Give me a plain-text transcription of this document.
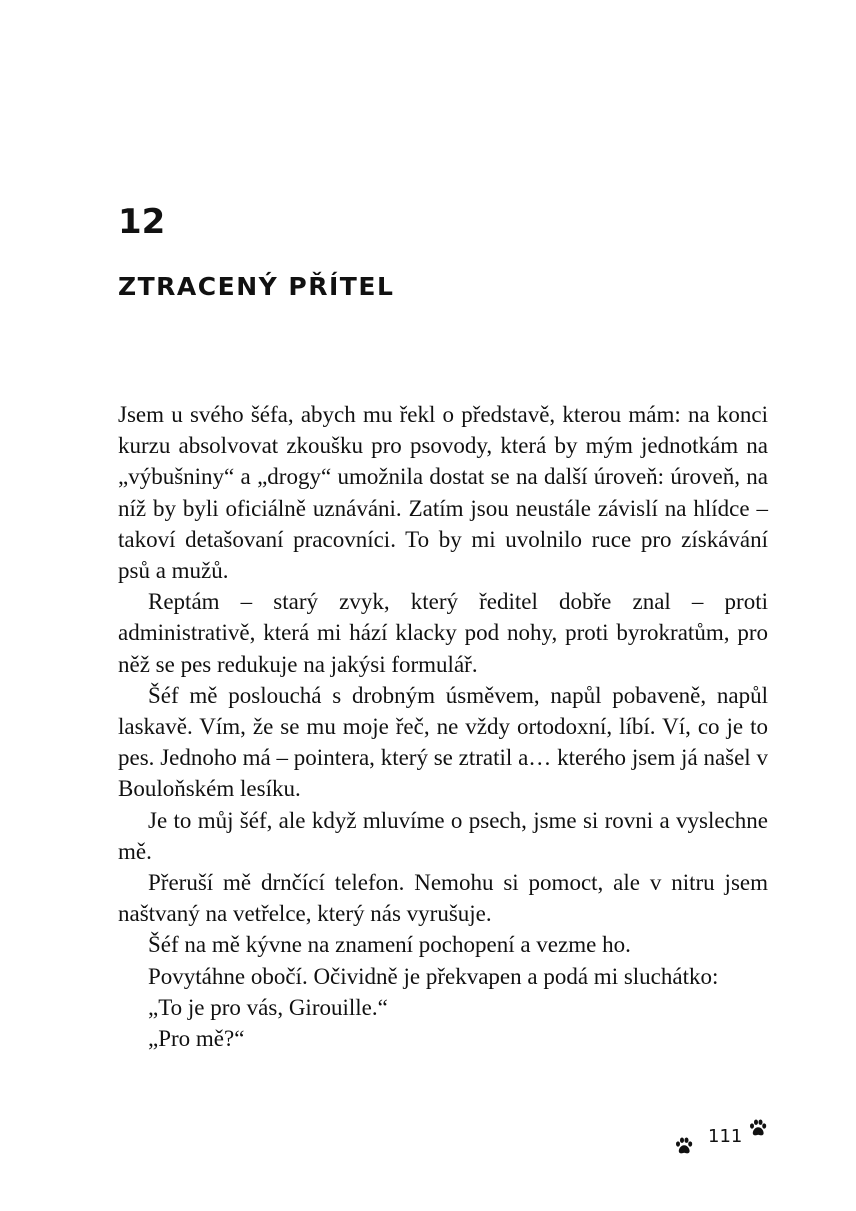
12
ZTRACENÝ PŘÍTEL

Jsem u svého šéfa, abych mu řekl o představě, kterou mám: na konci kurzu absolvovat zkoušku pro psovody, která by mým jednotkám na „výbušniny“ a „drogy“ umožnila dostat se na další úroveň: úroveň, na níž by byli oficiálně uznáváni. Zatím jsou neustále závislí na hlídce – takoví detašovaní pracovníci. To by mi uvolnilo ruce pro získávání psů a mužů.

Reptám – starý zvyk, který ředitel dobře znal – proti administrativě, která mi hází klacky pod nohy, proti byrokratům, pro něž se pes redukuje na jakýsi formulář.

Šéf mě poslouchá s drobným úsměvem, napůl pobaveně, napůl laskavě. Vím, že se mu moje řeč, ne vždy ortodoxní, líbí. Ví, co je to pes. Jednoho má – pointera, který se ztratil a… kterého jsem já našel v Bouloňském lesíku.

Je to můj šéf, ale když mluvíme o psech, jsme si rovni a vyslechne mě.

Přeruší mě drnčící telefon. Nemohu si pomoct, ale v nitru jsem naštvaný na vetřelce, který nás vyrušuje.

Šéf na mě kývne na znamení pochopení a vezme ho.

Povytáhne obočí. Očividně je překvapen a podá mi sluchátko:

„To je pro vás, Girouille.“

„Pro mě?“

111
